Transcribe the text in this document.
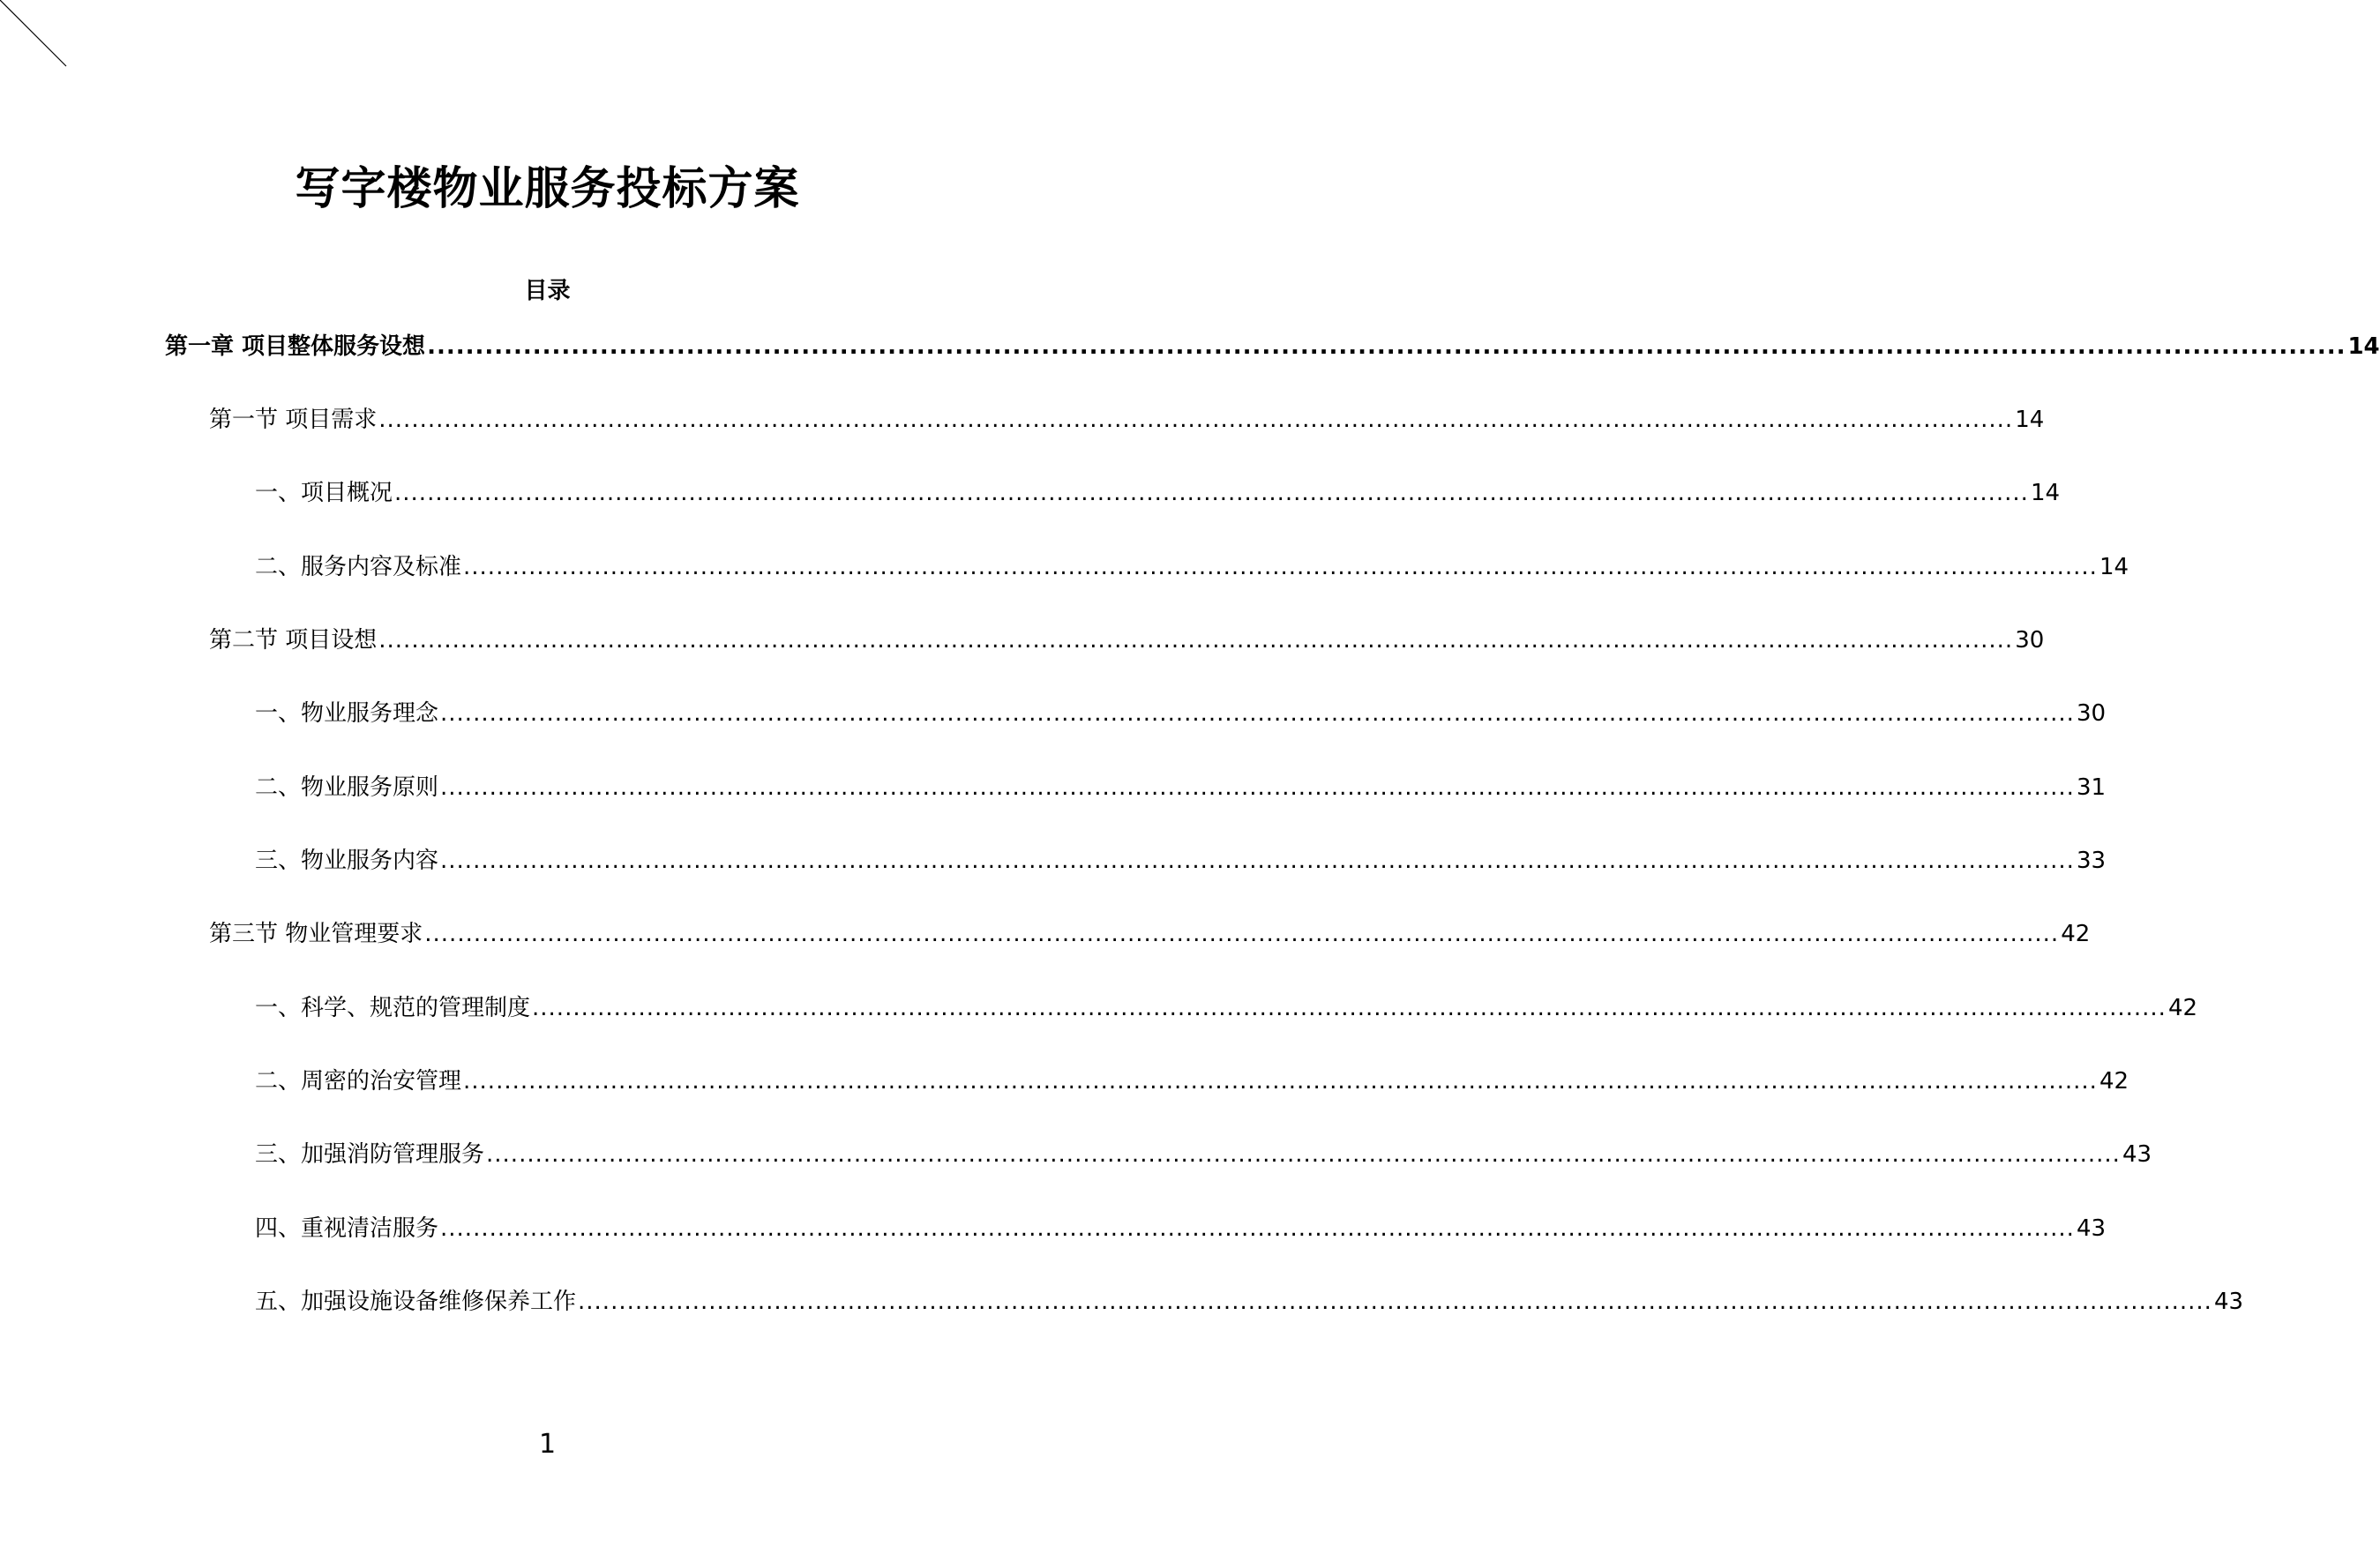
写字楼物业服务投标方案
目录
第一章 项目整体服务设想 ........................................................................................................................................................................................................ 14
第一节 项目需求 ........................................................................................................................................................................................................ 14
一、项目概况 ........................................................................................................................................................................................................ 14
二、服务内容及标准 ........................................................................................................................................................................................................ 14
第二节 项目设想 ........................................................................................................................................................................................................ 30
一、物业服务理念 ........................................................................................................................................................................................................ 30
二、物业服务原则 ........................................................................................................................................................................................................ 31
三、物业服务内容 ........................................................................................................................................................................................................ 33
第三节 物业管理要求 ........................................................................................................................................................................................................ 42
一、科学、规范的管理制度 ........................................................................................................................................................................................................ 42
二、周密的治安管理 ........................................................................................................................................................................................................ 42
三、加强消防管理服务 ........................................................................................................................................................................................................ 43
四、重视清洁服务 ........................................................................................................................................................................................................ 43
五、加强设施设备维修保养工作 ........................................................................................................................................................................................................ 43
1
